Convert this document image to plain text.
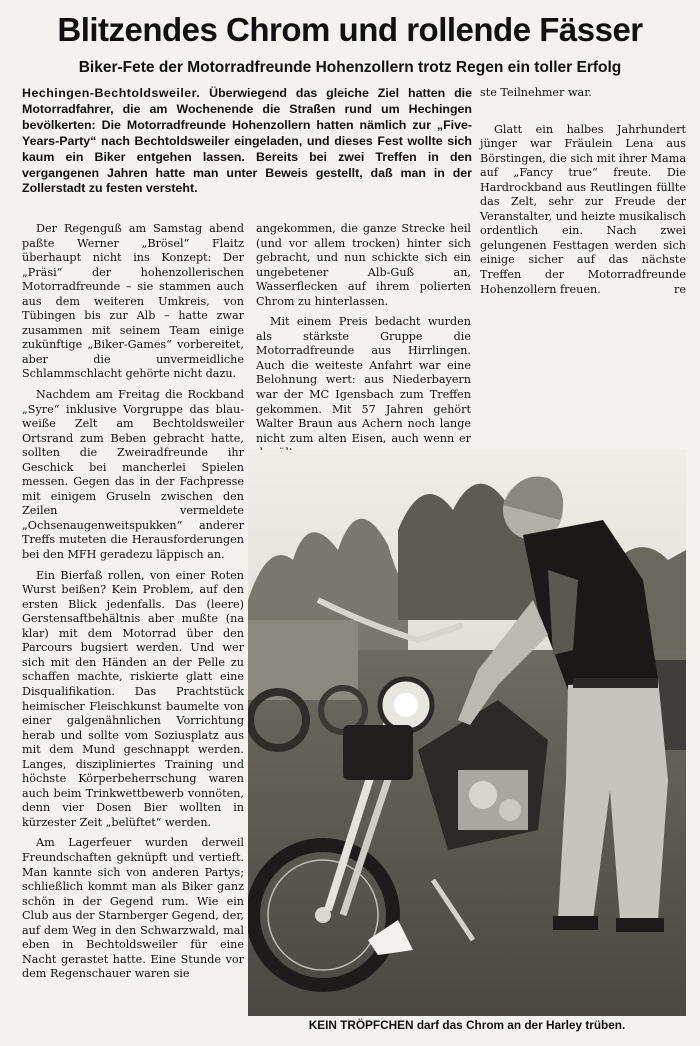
Blitzendes Chrom und rollende Fässer
Biker-Fete der Motorradfreunde Hohenzollern trotz Regen ein toller Erfolg
Hechingen-Bechtoldsweiler. Überwiegend das gleiche Ziel hatten die Motorradfahrer, die am Wochenende die Straßen rund um Hechingen bevölkerten: Die Motorradfreunde Hohenzollern hatten nämlich zur „Five-Years-Party“ nach Bechtoldsweiler eingeladen, und dieses Fest wollte sich kaum ein Biker entgehen lassen. Bereits bei zwei Treffen in den vergangenen Jahren hatte man unter Beweis gestellt, daß man in der Zollerstadt zu festen versteht.

Der Regenguß am Samstag abend paßte Werner „Brösel“ Flaitz überhaupt nicht ins Konzept: Der „Präsi“ der hohenzollerischen Motorradfreunde – sie stammen auch aus dem weiteren Umkreis, von Tübingen bis zur Alb – hatte zwar zusammen mit seinem Team einige zukünftige „Biker-Games“ vorbereitet, aber die unvermeidliche Schlammschlacht gehörte nicht dazu.

Nachdem am Freitag die Rockband „Syre“ inklusive Vorgruppe das blau-weiße Zelt am Bechtoldsweiler Ortsrand zum Beben gebracht hatte, sollten die Zweiradfreunde ihr Geschick bei mancherlei Spielen messen. Gegen das in der Fachpresse mit einigem Gruseln zwischen den Zeilen vermeldete „Ochsenaugenweitspukken“ anderer Treffs muteten die Herausforderungen bei den MFH geradezu läppisch an.

Ein Bierfaß rollen, von einer Roten Wurst beißen? Kein Problem, auf den ersten Blick jedenfalls. Das (leere) Gerstensaftbehältnis aber mußte (na klar) mit dem Motorrad über den Parcours bugsiert werden. Und wer sich mit den Händen an der Pelle zu schaffen machte, riskierte glatt eine Disqualifikation. Das Prachtstück heimischer Fleischkunst baumelte von einer galgenähnlichen Vorrichtung herab und sollte vom Soziusplatz aus mit dem Mund geschnappt werden. Langes, diszipliniertes Training und höchste Körperbeherrschung waren auch beim Trinkwettbewerb vonnöten, denn vier Dosen Bier wollten in kürzester Zeit „belüftet“ werden.

Am Lagerfeuer wurden derweil Freundschaften geknüpft und vertieft. Man kannte sich von anderen Partys; schließlich kommt man als Biker ganz schön in der Gegend rum. Wie ein Club aus der Starnberger Gegend, der, auf dem Weg in den Schwarzwald, mal eben in Bechtoldsweiler für eine Nacht gerastet hatte. Eine Stunde vor dem Regenschauer waren sie

angekommen, die ganze Strecke heil (und vor allem trocken) hinter sich gebracht, und nun schickte sich ein ungebetener Alb-Guß an, Wasserflecken auf ihrem polierten Chrom zu hinterlassen.

Mit einem Preis bedacht wurden als stärkste Gruppe die Motorradfreunde aus Hirrlingen. Auch die weiteste Anfahrt war eine Belohnung wert: aus Niederbayern war der MC Igensbach zum Treffen gekommen. Mit 57 Jahren gehört Walter Braun aus Achern noch lange nicht zum alten Eisen, auch wenn er

ste Teilnehmer war.

Glatt ein halbes Jahrhundert jünger war Fräulein Lena aus Börstingen, die sich mit ihrer Mama auf „Fancy true“ freute. Die Hardrockband aus Reutlingen füllte das Zelt, sehr zur Freude der Veranstalter, und heizte musikalisch ordentlich ein. Nach zwei gelungenen Festtagen werden sich einige sicher auf das nächste Treffen der Motorradfreunde Hohenzollern freuen.	re
KEIN TRÖPFCHEN darf das Chrom an der Harley trüben.
